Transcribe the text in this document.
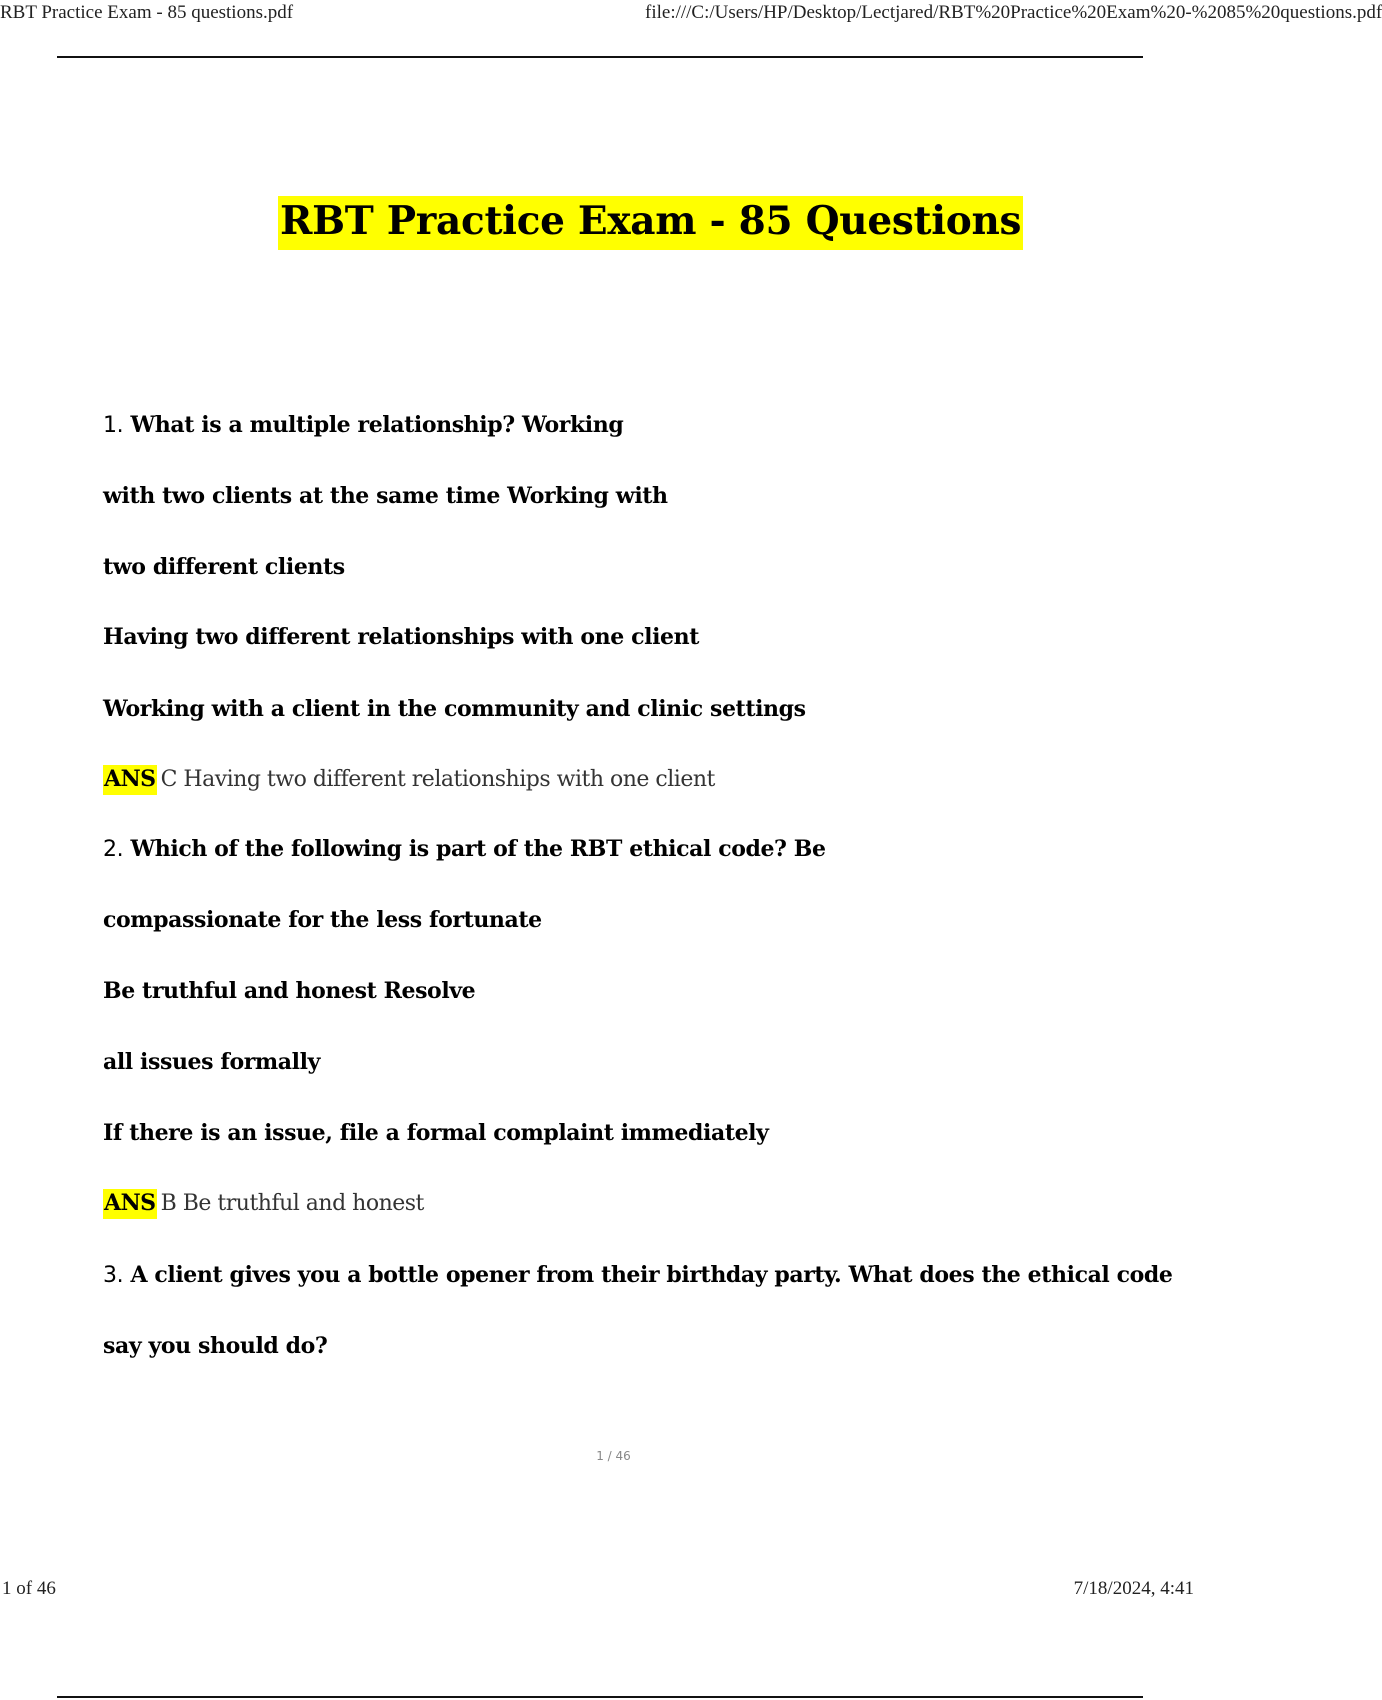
RBT Practice Exam - 85 questions.pdf	file:///C:/Users/HP/Desktop/Lectjared/RBT%20Practice%20Exam%20-%2085%20questions.pdf
RBT Practice Exam - 85 Questions
1. What is a multiple relationship? Working
with two clients at the same time Working with
two different clients
Having two different relationships with one client
Working with a client in the community and clinic settings
ANS C Having two different relationships with one client
2. Which of the following is part of the RBT ethical code? Be
compassionate for the less fortunate
Be truthful and honest Resolve
all issues formally
If there is an issue, file a formal complaint immediately
ANS B Be truthful and honest
3. A client gives you a bottle opener from their birthday party. What does the ethical code
say you should do?
1 / 46
1 of 46	7/18/2024, 4:41
